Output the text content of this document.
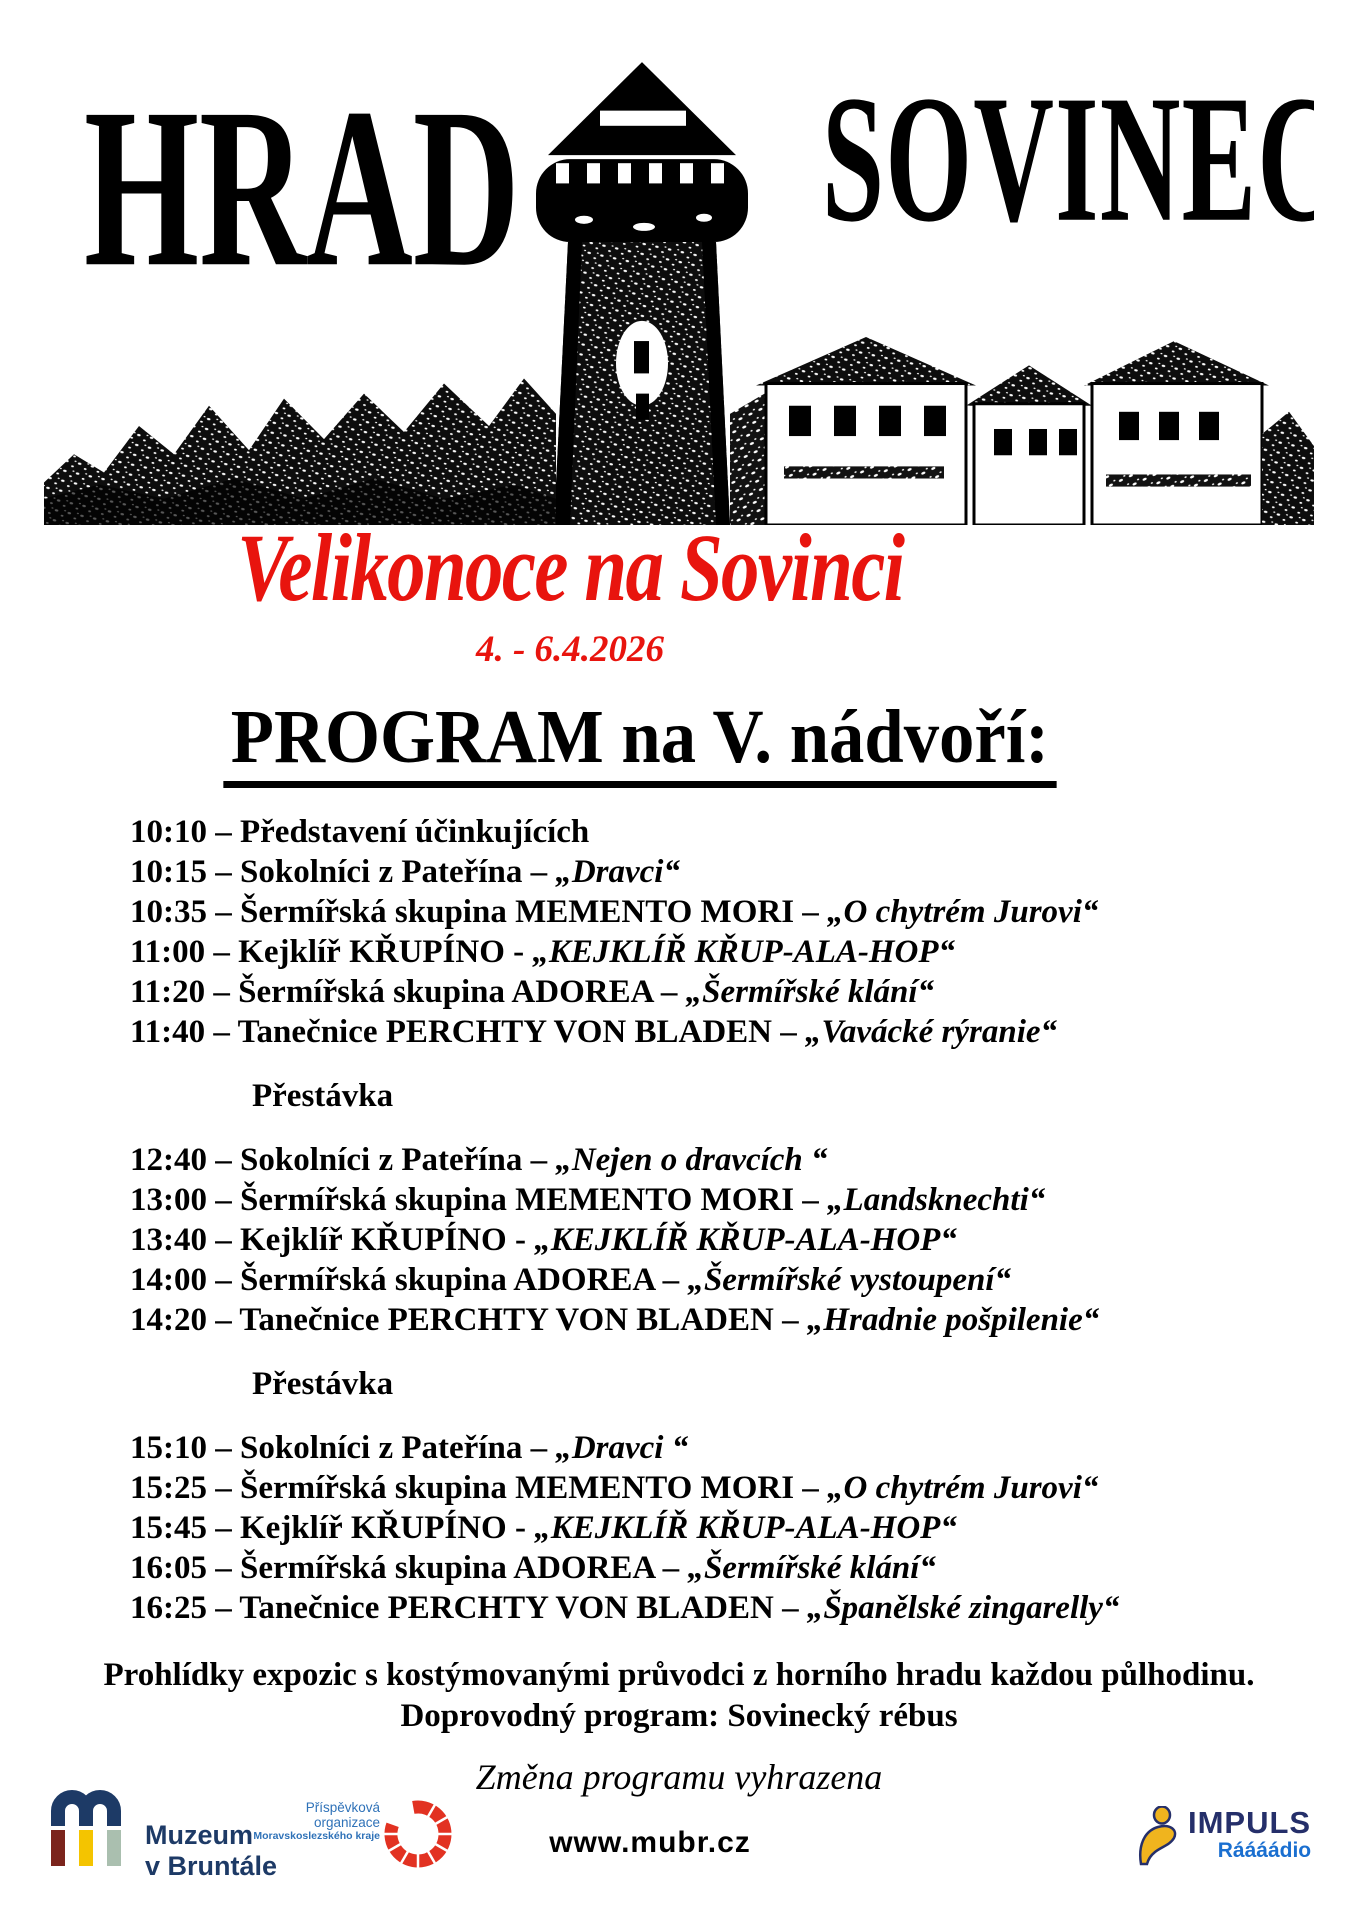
HRAD SOVINEC
Velikonoce na Sovinci
4. - 6.4.2026
PROGRAM na V. nádvoří:
10:10 – Představení účinkujících
10:15 – Sokolníci z Pateřína – „Dravci“
10:35 – Šermířská skupina MEMENTO MORI – „O chytrém Jurovi“
11:00 – Kejklíř KŘUPÍNO - „KEJKLÍŘ KŘUP-ALA-HOP“
11:20 – Šermířská skupina ADOREA – „Šermířské klání“
11:40 – Tanečnice PERCHTY VON BLADEN – „Vavácké rýranie“
Přestávka
12:40 – Sokolníci z Pateřína – „Nejen o dravcích “
13:00 – Šermířská skupina MEMENTO MORI – „Landsknechti“
13:40 – Kejklíř KŘUPÍNO - „KEJKLÍŘ KŘUP-ALA-HOP“
14:00 – Šermířská skupina ADOREA – „Šermířské vystoupení“
14:20 – Tanečnice PERCHTY VON BLADEN – „Hradnie pošpilenie“
Přestávka
15:10 – Sokolníci z Pateřína – „Dravci “
15:25 – Šermířská skupina MEMENTO MORI – „O chytrém Jurovi“
15:45 – Kejklíř KŘUPÍNO - „KEJKLÍŘ KŘUP-ALA-HOP“
16:05 – Šermířská skupina ADOREA – „Šermířské klání“
16:25 – Tanečnice PERCHTY VON BLADEN – „Španělské zingarelly“
Prohlídky expozic s kostýmovanými průvodci z horního hradu každou půlhodinu.
Doprovodný program: Sovinecký rébus
Změna programu vyhrazena
www.mubr.cz
Muzeum
v Bruntále
Příspěvková organizace
Moravskoslezského kraje	IMPULS
Ráááádio
